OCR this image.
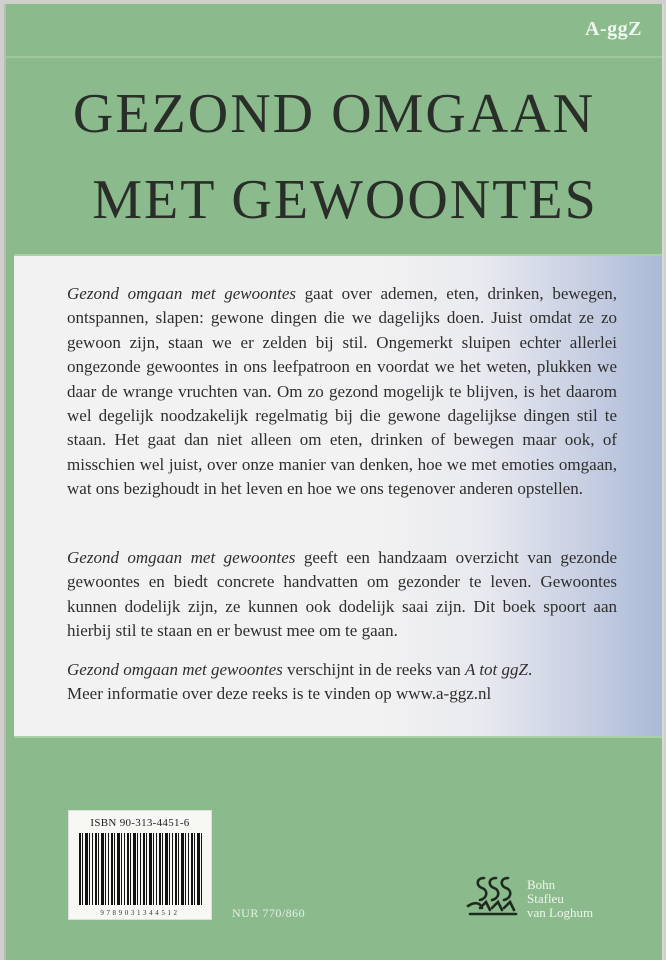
A-ggZ
GEZOND OMGAAN
MET GEWOONTES

Gezond omgaan met gewoontes gaat over ademen, eten, drinken, bewegen, ontspannen, slapen: gewone dingen die we dagelijks doen. Juist omdat ze zo gewoon zijn, staan we er zelden bij stil. Ongemerkt sluipen echter allerlei ongezonde gewoontes in ons leefpatroon en voordat we het weten, plukken we daar de wrange vruchten van. Om zo gezond mogelijk te blijven, is het daarom wel degelijk noodzakelijk regelmatig bij die gewone dagelijkse dingen stil te staan. Het gaat dan niet alleen om eten, drinken of bewegen maar ook, of misschien wel juist, over onze manier van denken, hoe we met emoties omgaan, wat ons bezighoudt in het leven en hoe we ons tegenover anderen opstellen.

Gezond omgaan met gewoontes geeft een handzaam overzicht van gezonde gewoontes en biedt concrete handvatten om gezonder te leven. Gewoontes kunnen dodelijk zijn, ze kunnen ook dodelijk saai zijn. Dit boek spoort aan hierbij stil te staan en er bewust mee om te gaan.

Gezond omgaan met gewoontes verschijnt in de reeks van A tot ggZ.
Meer informatie over deze reeks is te vinden op www.a-ggz.nl

ISBN 90-313-4451-6
9789031344512	NUR 770/860
Bohn
Stafleu
van Loghum
